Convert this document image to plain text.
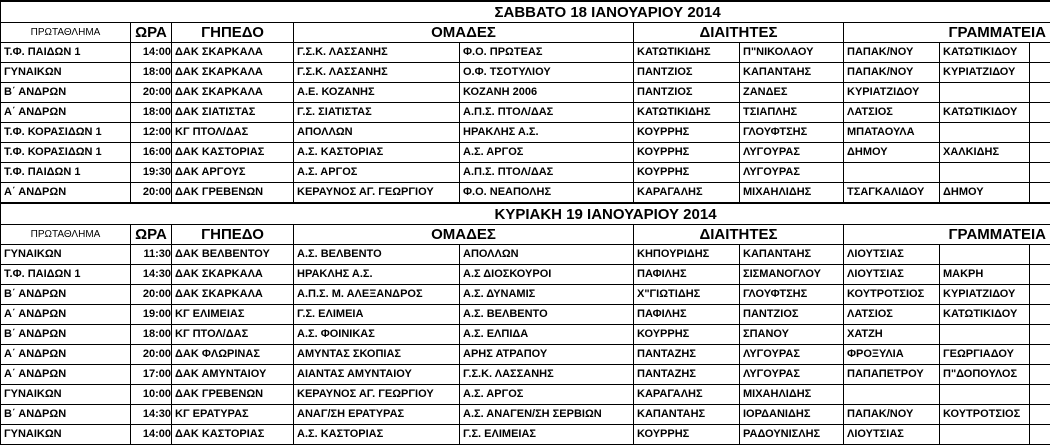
				ΣΑΒΒΑΤΟ 18 ΙΑΝΟΥΑΡΙΟΥ 2014					
ΠΡΩΤΑΘΛΗΜΑ	ΩΡΑ	ΓΗΠΕΔΟ	ΟΜΑΔΕΣ		ΔΙΑΙΤΗΤΕΣ		ΓΡΑΜΜΑΤΕΙΑ		
Τ.Φ. ΠΑΙΔΩΝ 1	14:00	ΔΑΚ ΣΚΑΡΚΑΛΑ	Γ.Σ.Κ. ΛΑΣΣΑΝΗΣ	Φ.Ο. ΠΡΩΤΕΑΣ	ΚΑΤΩΤΙΚΙΔΗΣ	Π"ΝΙΚΟΛΑΟΥ	ΠΑΠΑΚ/ΝΟΥ	ΚΑΤΩΤΙΚΙΔΟΥ	
ΓΥΝΑΙΚΩΝ	18:00	ΔΑΚ ΣΚΑΡΚΑΛΑ	Γ.Σ.Κ. ΛΑΣΣΑΝΗΣ	Ο.Φ. ΤΣΟΤΥΛΙΟΥ	ΠΑΝΤΖΙΟΣ	ΚΑΠΑΝΤΑΗΣ	ΠΑΠΑΚ/ΝΟΥ	ΚΥΡΙΑΤΖΙΔΟΥ	
Β΄ ΑΝΔΡΩΝ	20:00	ΔΑΚ ΣΚΑΡΚΑΛΑ	Α.Ε. ΚΟΖΑΝΗΣ	ΚΟΖΑΝΗ 2006	ΠΑΝΤΖΙΟΣ	ΖΑΝΔΕΣ	ΚΥΡΙΑΤΖΙΔΟΥ		
Α΄ ΑΝΔΡΩΝ	18:00	ΔΑΚ ΣΙΑΤΙΣΤΑΣ	Γ.Σ. ΣΙΑΤΙΣΤΑΣ	Α.Π.Σ. ΠΤΟΛ/ΔΑΣ	ΚΑΤΩΤΙΚΙΔΗΣ	ΤΣΙΑΠΛΗΣ	ΛΑΤΣΙΟΣ	ΚΑΤΩΤΙΚΙΔΟΥ	
Τ.Φ. ΚΟΡΑΣΙΔΩΝ 1	12:00	ΚΓ ΠΤΟΛ/ΔΑΣ	ΑΠΟΛΛΩΝ	ΗΡΑΚΛΗΣ Α.Σ.	ΚΟΥΡΡΗΣ	ΓΛΟΥΦΤΣΗΣ	ΜΠΑΤΑΟΥΛΑ		
Τ.Φ. ΚΟΡΑΣΙΔΩΝ 1	16:00	ΔΑΚ ΚΑΣΤΟΡΙΑΣ	Α.Σ. ΚΑΣΤΟΡΙΑΣ	Α.Σ. ΑΡΓΟΣ	ΚΟΥΡΡΗΣ	ΛΥΓΟΥΡΑΣ	ΔΗΜΟΥ	ΧΑΛΚΙΔΗΣ	
Τ.Φ. ΠΑΙΔΩΝ 1	19:30	ΔΑΚ ΑΡΓΟΥΣ	Α.Σ. ΑΡΓΟΣ	Α.Π.Σ. ΠΤΟΛ/ΔΑΣ	ΚΟΥΡΡΗΣ	ΛΥΓΟΥΡΑΣ			
Α΄ ΑΝΔΡΩΝ	20:00	ΔΑΚ ΓΡΕΒΕΝΩΝ	ΚΕΡΑΥΝΟΣ ΑΓ. ΓΕΩΡΓΙΟΥ	Φ.Ο. ΝΕΑΠΟΛΗΣ	ΚΑΡΑΓΑΛΗΣ	ΜΙΧΑΗΛΙΔΗΣ	ΤΣΑΓΚΑΛΙΔΟΥ	ΔΗΜΟΥ	
				ΚΥΡΙΑΚΗ 19 ΙΑΝΟΥΑΡΙΟΥ 2014					
ΠΡΩΤΑΘΛΗΜΑ	ΩΡΑ	ΓΗΠΕΔΟ	ΟΜΑΔΕΣ		ΔΙΑΙΤΗΤΕΣ		ΓΡΑΜΜΑΤΕΙΑ		
ΓΥΝΑΙΚΩΝ	11:30	ΔΑΚ ΒΕΛΒΕΝΤΟΥ	Α.Σ. ΒΕΛΒΕΝΤΟ	ΑΠΟΛΛΩΝ	ΚΗΠΟΥΡΙΔΗΣ	ΚΑΠΑΝΤΑΗΣ	ΛΙΟΥΤΣΙΑΣ		
Τ.Φ. ΠΑΙΔΩΝ 1	14:30	ΔΑΚ ΣΚΑΡΚΑΛΑ	ΗΡΑΚΛΗΣ Α.Σ.	Α.Σ ΔΙΟΣΚΟΥΡΟΙ	ΠΑΦΙΛΗΣ	ΣΙΣΜΑΝΟΓΛΟΥ	ΛΙΟΥΤΣΙΑΣ	ΜΑΚΡΗ	
Β΄ ΑΝΔΡΩΝ	20:00	ΔΑΚ ΣΚΑΡΚΑΛΑ	Α.Π.Σ. Μ. ΑΛΕΞΑΝΔΡΟΣ	Α.Σ. ΔΥΝΑΜΙΣ	Χ"ΓΙΩΤΙΔΗΣ	ΓΛΟΥΦΤΣΗΣ	ΚΟΥΤΡΟΤΣΙΟΣ	ΚΥΡΙΑΤΖΙΔΟΥ	
Α΄ ΑΝΔΡΩΝ	19:00	ΚΓ ΕΛΙΜΕΙΑΣ	Γ.Σ. ΕΛΙΜΕΙΑ	Α.Σ. ΒΕΛΒΕΝΤΟ	ΠΑΦΙΛΗΣ	ΠΑΝΤΖΙΟΣ	ΛΑΤΣΙΟΣ	ΚΑΤΩΤΙΚΙΔΟΥ	
Β΄ ΑΝΔΡΩΝ	18:00	ΚΓ ΠΤΟΛ/ΔΑΣ	Α.Σ. ΦΟΙΝΙΚΑΣ	Α.Σ. ΕΛΠΙΔΑ	ΚΟΥΡΡΗΣ	ΣΠΑΝΟΥ	ΧΑΤΖΗ		
Α΄ ΑΝΔΡΩΝ	20:00	ΔΑΚ ΦΛΩΡΙΝΑΣ	ΑΜΥΝΤΑΣ ΣΚΟΠΙΑΣ	ΑΡΗΣ ΑΤΡΑΠΟΥ	ΠΑΝΤΑΖΗΣ	ΛΥΓΟΥΡΑΣ	ΦΡΟΞΥΛΙΑ	ΓΕΩΡΓΙΑΔΟΥ	
Α΄ ΑΝΔΡΩΝ	17:00	ΔΑΚ ΑΜΥΝΤΑΙΟΥ	ΑΙΑΝΤΑΣ ΑΜΥΝΤΑΙΟΥ	Γ.Σ.Κ. ΛΑΣΣΑΝΗΣ	ΠΑΝΤΑΖΗΣ	ΛΥΓΟΥΡΑΣ	ΠΑΠΑΠΕΤΡΟΥ	Π"ΔΟΠΟΥΛΟΣ	
ΓΥΝΑΙΚΩΝ	10:00	ΔΑΚ ΓΡΕΒΕΝΩΝ	ΚΕΡΑΥΝΟΣ ΑΓ. ΓΕΩΡΓΙΟΥ	Α.Σ. ΑΡΓΟΣ	ΚΑΡΑΓΑΛΗΣ	ΜΙΧΑΗΛΙΔΗΣ			
Β΄ ΑΝΔΡΩΝ	14:30	ΚΓ ΕΡΑΤΥΡΑΣ	ΑΝΑΓ/ΣΗ ΕΡΑΤΥΡΑΣ	Α.Σ. ΑΝΑΓΕΝ/ΣΗ ΣΕΡΒΙΩΝ	ΚΑΠΑΝΤΑΗΣ	ΙΟΡΔΑΝΙΔΗΣ	ΠΑΠΑΚ/ΝΟΥ	ΚΟΥΤΡΟΤΣΙΟΣ	
ΓΥΝΑΙΚΩΝ	14:00	ΔΑΚ ΚΑΣΤΟΡΙΑΣ	Α.Σ. ΚΑΣΤΟΡΙΑΣ	Γ.Σ. ΕΛΙΜΕΙΑΣ	ΚΟΥΡΡΗΣ	ΡΑΔΟΥΝΙΣΛΗΣ	ΛΙΟΥΤΣΙΑΣ		
